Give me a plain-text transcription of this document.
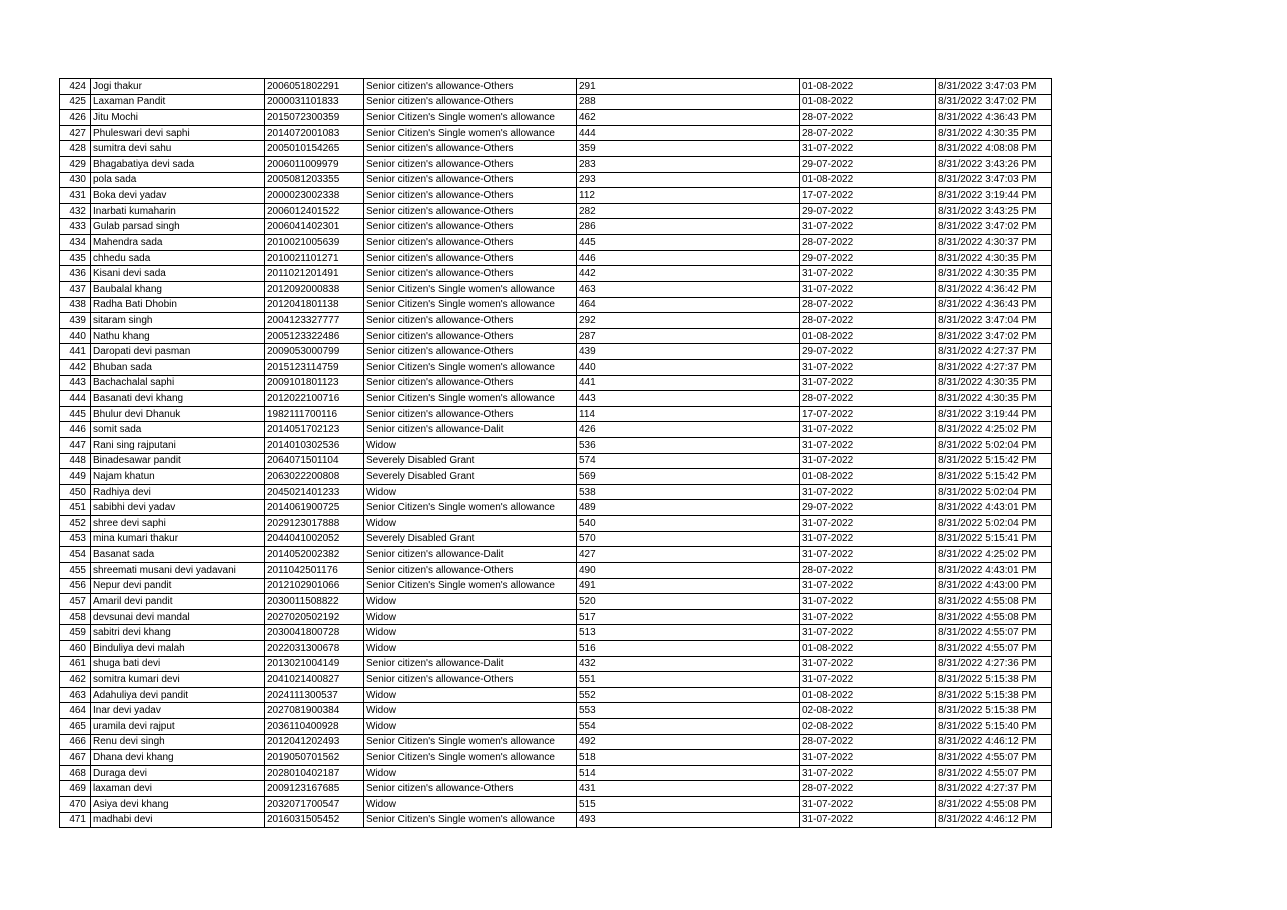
424	Jogi thakur	2006051802291	Senior citizen's allowance-Others	291	01-08-2022	8/31/2022 3:47:03 PM
425	Laxaman Pandit	2000031101833	Senior citizen's allowance-Others	288	01-08-2022	8/31/2022 3:47:02 PM
426	Jitu Mochi	2015072300359	Senior Citizen's Single women's allowance	462	28-07-2022	8/31/2022 4:36:43 PM
427	Phuleswari devi saphi	2014072001083	Senior Citizen's Single women's allowance	444	28-07-2022	8/31/2022 4:30:35 PM
428	sumitra devi sahu	2005010154265	Senior citizen's allowance-Others	359	31-07-2022	8/31/2022 4:08:08 PM
429	Bhagabatiya devi sada	2006011009979	Senior citizen's allowance-Others	283	29-07-2022	8/31/2022 3:43:26 PM
430	pola sada	2005081203355	Senior citizen's allowance-Others	293	01-08-2022	8/31/2022 3:47:03 PM
431	Boka devi yadav	2000023002338	Senior citizen's allowance-Others	112	17-07-2022	8/31/2022 3:19:44 PM
432	Inarbati kumaharin	2006012401522	Senior citizen's allowance-Others	282	29-07-2022	8/31/2022 3:43:25 PM
433	Gulab parsad singh	2006041402301	Senior citizen's allowance-Others	286	31-07-2022	8/31/2022 3:47:02 PM
434	Mahendra sada	2010021005639	Senior citizen's allowance-Others	445	28-07-2022	8/31/2022 4:30:37 PM
435	chhedu sada	2010021101271	Senior citizen's allowance-Others	446	29-07-2022	8/31/2022 4:30:35 PM
436	Kisani devi sada	2011021201491	Senior citizen's allowance-Others	442	31-07-2022	8/31/2022 4:30:35 PM
437	Baubalal khang	2012092000838	Senior Citizen's Single women's allowance	463	31-07-2022	8/31/2022 4:36:42 PM
438	Radha Bati Dhobin	2012041801138	Senior Citizen's Single women's allowance	464	28-07-2022	8/31/2022 4:36:43 PM
439	sitaram singh	2004123327777	Senior citizen's allowance-Others	292	28-07-2022	8/31/2022 3:47:04 PM
440	Nathu khang	2005123322486	Senior citizen's allowance-Others	287	01-08-2022	8/31/2022 3:47:02 PM
441	Daropati devi pasman	2009053000799	Senior citizen's allowance-Others	439	29-07-2022	8/31/2022 4:27:37 PM
442	Bhuban sada	2015123114759	Senior Citizen's Single women's allowance	440	31-07-2022	8/31/2022 4:27:37 PM
443	Bachachalal saphi	2009101801123	Senior citizen's allowance-Others	441	31-07-2022	8/31/2022 4:30:35 PM
444	Basanati devi khang	2012022100716	Senior Citizen's Single women's allowance	443	28-07-2022	8/31/2022 4:30:35 PM
445	Bhulur devi Dhanuk	1982111700116	Senior citizen's allowance-Others	114	17-07-2022	8/31/2022 3:19:44 PM
446	somit sada	2014051702123	Senior citizen's allowance-Dalit	426	31-07-2022	8/31/2022 4:25:02 PM
447	Rani sing rajputani	2014010302536	Widow	536	31-07-2022	8/31/2022 5:02:04 PM
448	Binadesawar pandit	2064071501104	Severely Disabled Grant	574	31-07-2022	8/31/2022 5:15:42 PM
449	Najam khatun	2063022200808	Severely Disabled Grant	569	01-08-2022	8/31/2022 5:15:42 PM
450	Radhiya devi	2045021401233	Widow	538	31-07-2022	8/31/2022 5:02:04 PM
451	sabibhi devi yadav	2014061900725	Senior Citizen's Single women's allowance	489	29-07-2022	8/31/2022 4:43:01 PM
452	shree devi saphi	2029123017888	Widow	540	31-07-2022	8/31/2022 5:02:04 PM
453	mina kumari thakur	2044041002052	Severely Disabled Grant	570	31-07-2022	8/31/2022 5:15:41 PM
454	Basanat sada	2014052002382	Senior citizen's allowance-Dalit	427	31-07-2022	8/31/2022 4:25:02 PM
455	shreemati musani devi yadavani	2011042501176	Senior citizen's allowance-Others	490	28-07-2022	8/31/2022 4:43:01 PM
456	Nepur devi pandit	2012102901066	Senior Citizen's Single women's allowance	491	31-07-2022	8/31/2022 4:43:00 PM
457	Amaril devi pandit	2030011508822	Widow	520	31-07-2022	8/31/2022 4:55:08 PM
458	devsunai devi mandal	2027020502192	Widow	517	31-07-2022	8/31/2022 4:55:08 PM
459	sabitri devi khang	2030041800728	Widow	513	31-07-2022	8/31/2022 4:55:07 PM
460	Binduliya devi malah	2022031300678	Widow	516	01-08-2022	8/31/2022 4:55:07 PM
461	shuga bati devi	2013021004149	Senior citizen's allowance-Dalit	432	31-07-2022	8/31/2022 4:27:36 PM
462	somitra kumari devi	2041021400827	Senior citizen's allowance-Others	551	31-07-2022	8/31/2022 5:15:38 PM
463	Adahuliya devi pandit	2024111300537	Widow	552	01-08-2022	8/31/2022 5:15:38 PM
464	Inar devi yadav	2027081900384	Widow	553	02-08-2022	8/31/2022 5:15:38 PM
465	uramila devi rajput	2036110400928	Widow	554	02-08-2022	8/31/2022 5:15:40 PM
466	Renu devi singh	2012041202493	Senior Citizen's Single women's allowance	492	28-07-2022	8/31/2022 4:46:12 PM
467	Dhana devi khang	2019050701562	Senior Citizen's Single women's allowance	518	31-07-2022	8/31/2022 4:55:07 PM
468	Duraga devi	2028010402187	Widow	514	31-07-2022	8/31/2022 4:55:07 PM
469	laxaman devi	2009123167685	Senior citizen's allowance-Others	431	28-07-2022	8/31/2022 4:27:37 PM
470	Asiya devi khang	2032071700547	Widow	515	31-07-2022	8/31/2022 4:55:08 PM
471	madhabi devi	2016031505452	Senior Citizen's Single women's allowance	493	31-07-2022	8/31/2022 4:46:12 PM
